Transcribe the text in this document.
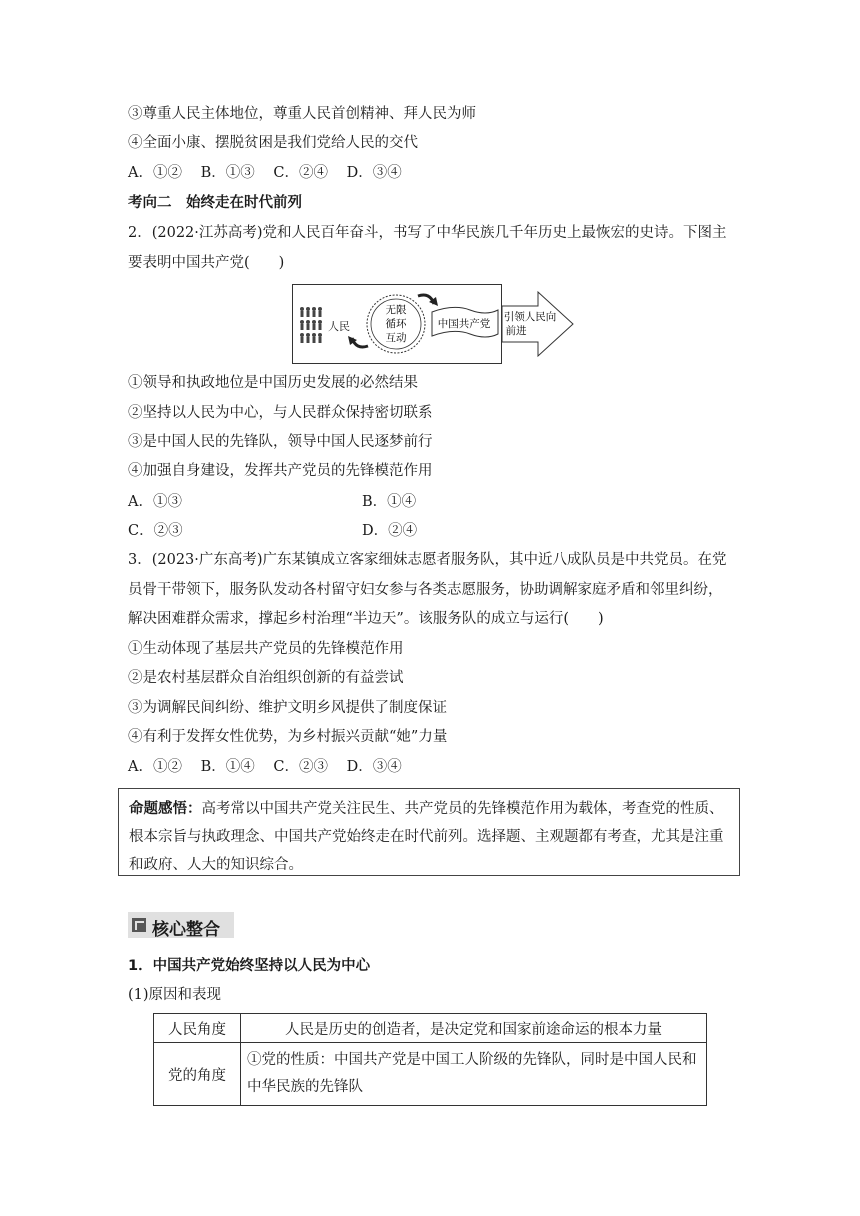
③尊重人民主体地位，尊重人民首创精神、拜人民为师
④全面小康、摆脱贫困是我们党给人民的交代
A．①② B．①③ C．②④ D．③④
考向二　始终走在时代前列
2．(2022·江苏高考)党和人民百年奋斗，书写了中华民族几千年历史上最恢宏的史诗。下图主
要表明中国共产党(　　)
人民
无限
循环
互动
中国共产党
引领人民向
前进
①领导和执政地位是中国历史发展的必然结果
②坚持以人民为中心，与人民群众保持密切联系
③是中国人民的先锋队，领导中国人民逐梦前行
④加强自身建设，发挥共产党员的先锋模范作用
A．①③	B．①④
C．②③	D．②④
3．(2023·广东高考)广东某镇成立客家细妹志愿者服务队，其中近八成队员是中共党员。在党
员骨干带领下，服务队发动各村留守妇女参与各类志愿服务，协助调解家庭矛盾和邻里纠纷，
解决困难群众需求，撑起乡村治理“半边天”。该服务队的成立与运行(　　)
①生动体现了基层共产党员的先锋模范作用
②是农村基层群众自治组织创新的有益尝试
③为调解民间纠纷、维护文明乡风提供了制度保证
④有利于发挥女性优势，为乡村振兴贡献“她”力量
A．①② B．①④ C．②③ D．③④
命题感悟：高考常以中国共产党关注民生、共产党员的先锋模范作用为载体，考查党的性质、根本宗旨与执政理念、中国共产党始终走在时代前列。选择题、主观题都有考查，尤其是注重和政府、人大的知识综合。
核心整合
1．中国共产党始终坚持以人民为中心
(1)原因和表现
人民角度	人民是历史的创造者，是决定党和国家前途命运的根本力量
党的角度	①党的性质：中国共产党是中国工人阶级的先锋队，同时是中国人民和中华民族的先锋队
